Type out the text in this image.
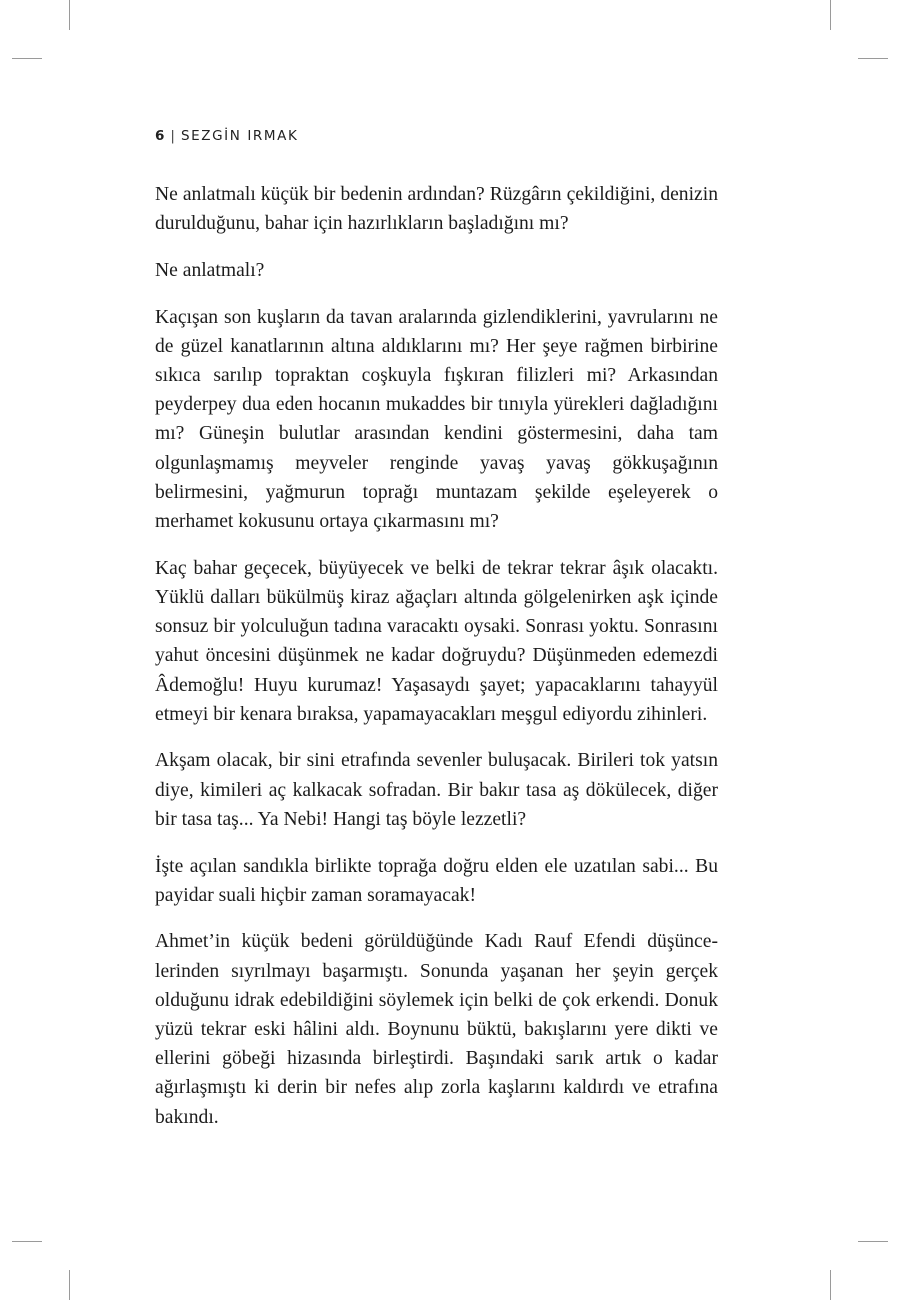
6 | SEZGİN IRMAK

Ne anlatmalı küçük bir bedenin ardından? Rüzgârın çekildiğini, denizin durulduğunu, bahar için hazırlıkların başladığını mı?

Ne anlatmalı?

Kaçışan son kuşların da tavan aralarında gizlendiklerini, yavrularını ne de güzel kanatlarının altına aldıklarını mı? Her şeye rağmen birbirine sıkıca sarılıp topraktan coşkuyla fışkıran filizleri mi? Arkasından peyderpey dua eden hocanın mukaddes bir tınıyla yürekleri dağladığını mı? Güneşin bulutlar arasından kendini göstermesini, daha tam olgunlaşmamış meyveler renginde yavaş yavaş gökkuşağının belirmesini, yağmurun toprağı muntazam şekilde eşeleyerek o merhamet kokusunu ortaya çıkarmasını mı?

Kaç bahar geçecek, büyüyecek ve belki de tekrar tekrar âşık olacaktı. Yüklü dalları bükülmüş kiraz ağaçları altında gölgelenirken aşk içinde sonsuz bir yolculuğun tadına varacaktı oysaki. Sonrası yoktu. Sonrasını yahut öncesini düşünmek ne kadar doğruydu? Düşünmeden edemezdi Âdemoğlu! Huyu kurumaz! Yaşasaydı şayet; yapacaklarını tahayyül etmeyi bir kenara bıraksa, yapamayacakları meşgul ediyordu zihinleri.

Akşam olacak, bir sini etrafında sevenler buluşacak. Birileri tok yatsın diye, kimileri aç kalkacak sofradan. Bir bakır tasa aş dökülecek, diğer bir tasa taş... Ya Nebi! Hangi taş böyle lezzetli?

İşte açılan sandıkla birlikte toprağa doğru elden ele uzatılan sabi... Bu payidar suali hiçbir zaman soramayacak!

Ahmet’in küçük bedeni görüldüğünde Kadı Rauf Efendi düşüncelerinden sıyrılmayı başarmıştı. Sonunda yaşanan her şeyin gerçek olduğunu idrak edebildiğini söylemek için belki de çok erkendi. Donuk yüzü tekrar eski hâlini aldı. Boynunu büktü, bakışlarını yere dikti ve ellerini göbeği hizasında birleştirdi. Başındaki sarık artık o kadar ağırlaşmıştı ki derin bir nefes alıp zorla kaşlarını kaldırdı ve etrafına bakındı.
